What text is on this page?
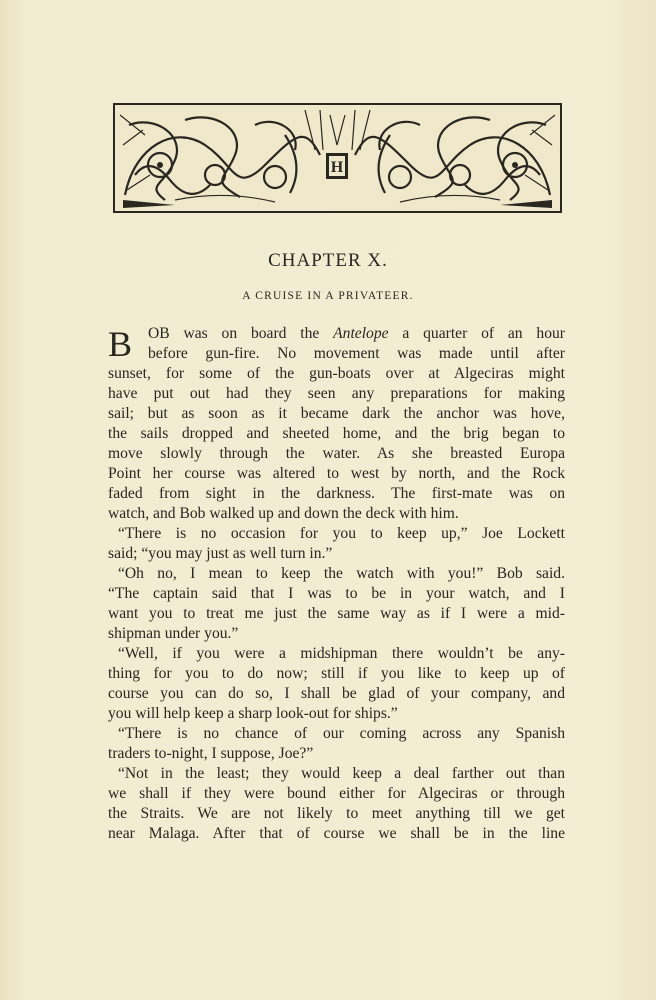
H
CHAPTER X.
A CRUISE IN A PRIVATEER.
B	OB was on board the Antelope a quarter of an hour
before gun-fire. No movement was made until after
sunset, for some of the gun-boats over at Algeciras might
have put out had they seen any preparations for making
sail; but as soon as it became dark the anchor was hove,
the sails dropped and sheeted home, and the brig began to
move slowly through the water. As she breasted Europa
Point her course was altered to west by north, and the Rock
faded from sight in the darkness. The first-mate was on
watch, and Bob walked up and down the deck with him.
“There is no occasion for you to keep up,” Joe Lockett
said; “you may just as well turn in.”
“Oh no, I mean to keep the watch with you!” Bob said.
“The captain said that I was to be in your watch, and I
want you to treat me just the same way as if I were a mid-
shipman under you.”
“Well, if you were a midshipman there wouldn’t be any-
thing for you to do now; still if you like to keep up of
course you can do so, I shall be glad of your company, and
you will help keep a sharp look-out for ships.”
“There is no chance of our coming across any Spanish
traders to-night, I suppose, Joe?”
“Not in the least; they would keep a deal farther out than
we shall if they were bound either for Algeciras or through
the Straits. We are not likely to meet anything till we get
near Malaga. After that of course we shall be in the line
